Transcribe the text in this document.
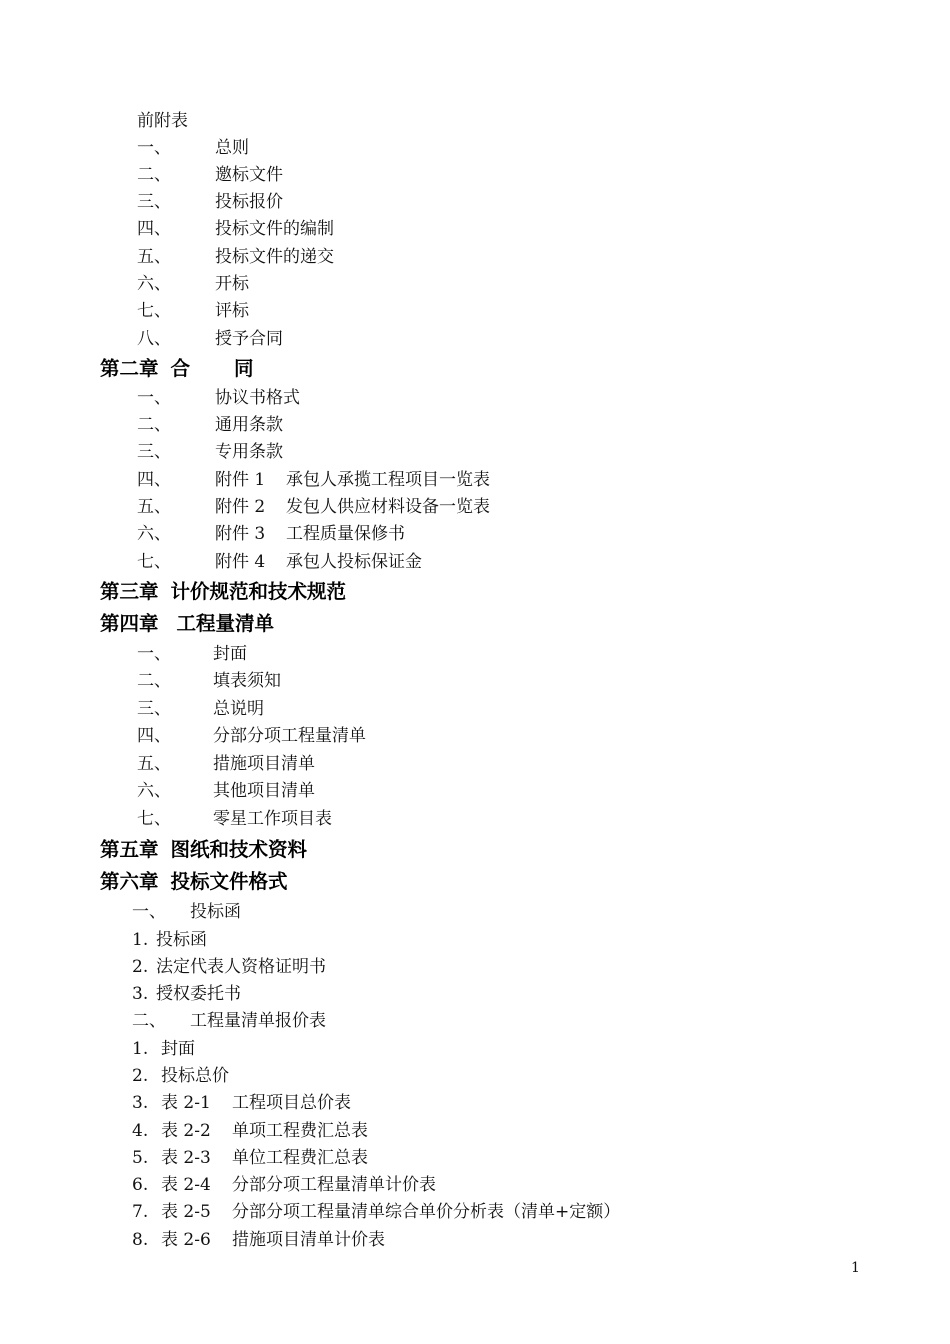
前附表
一、	总则
二、	邀标文件
三、	投标报价
四、	投标文件的编制
五、	投标文件的递交
六、	开标
七、	评标
八、	授予合同
第二章 合 同
一、	协议书格式
二、	通用条款
三、	专用条款
四、	附件 1 承包人承揽工程项目一览表
五、	附件 2 发包人供应材料设备一览表
六、	附件 3 工程质量保修书
七、	附件 4 承包人投标保证金
第三章 计价规范和技术规范
第四章 工程量清单
一、 封面
二、 填表须知
三、 总说明
四、 分部分项工程量清单
五、 措施项目清单
六、 其他项目清单
七、 零星工作项目表
第五章 图纸和技术资料
第六章 投标文件格式
一、 投标函
1. 投标函
2. 法定代表人资格证明书
3. 授权委托书
二、 工程量清单报价表
1. 封面
2. 投标总价
3. 表 2-1 工程项目总价表
4. 表 2-2 单项工程费汇总表
5. 表 2-3 单位工程费汇总表
6. 表 2-4 分部分项工程量清单计价表
7. 表 2-5 分部分项工程量清单综合单价分析表（清单+定额）
8. 表 2-6 措施项目清单计价表
1
